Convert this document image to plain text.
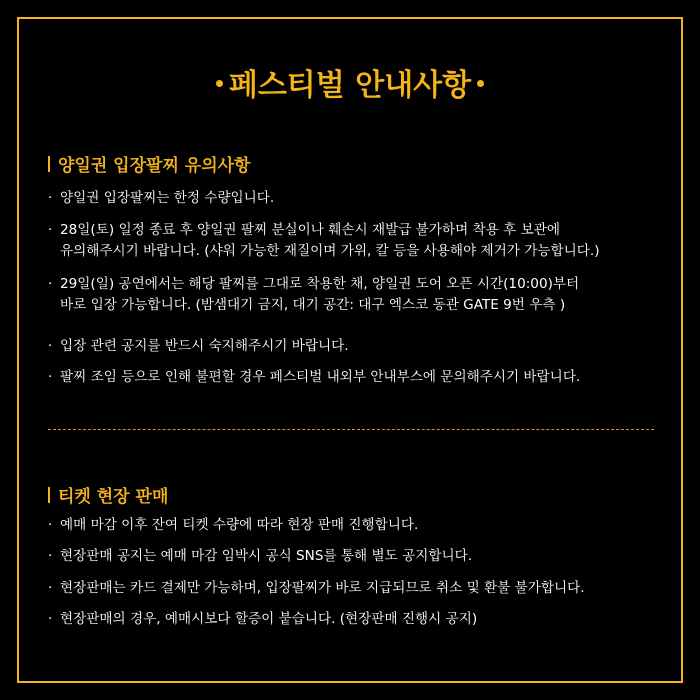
페스티벌 안내사항
양일권 입장팔찌 유의사항
· 양일권 입장팔찌는 한정 수량입니다.
· 28일(토) 일정 종료 후 양일권 팔찌 분실이나 훼손시 재발급 불가하며 착용 후 보관에
유의해주시기 바랍니다. (샤워 가능한 재질이며 가위, 칼 등을 사용해야 제거가 가능합니다.)
· 29일(일) 공연에서는 해당 팔찌를 그대로 착용한 채, 양일권 도어 오픈 시간(10:00)부터
바로 입장 가능합니다. (밤샘대기 금지, 대기 공간: 대구 엑스코 동관 GATE 9번 우측 )
· 입장 관련 공지를 반드시 숙지해주시기 바랍니다.
· 팔찌 조임 등으로 인해 불편할 경우 페스티벌 내외부 안내부스에 문의해주시기 바랍니다.
티켓 현장 판매
· 예매 마감 이후 잔여 티켓 수량에 따라 현장 판매 진행합니다.
· 현장판매 공지는 예매 마감 임박시 공식 SNS를 통해 별도 공지합니다.
· 현장판매는 카드 결제만 가능하며, 입장팔찌가 바로 지급되므로 취소 및 환불 불가합니다.
· 현장판매의 경우, 예매시보다 할증이 붙습니다. (현장판매 진행시 공지)
